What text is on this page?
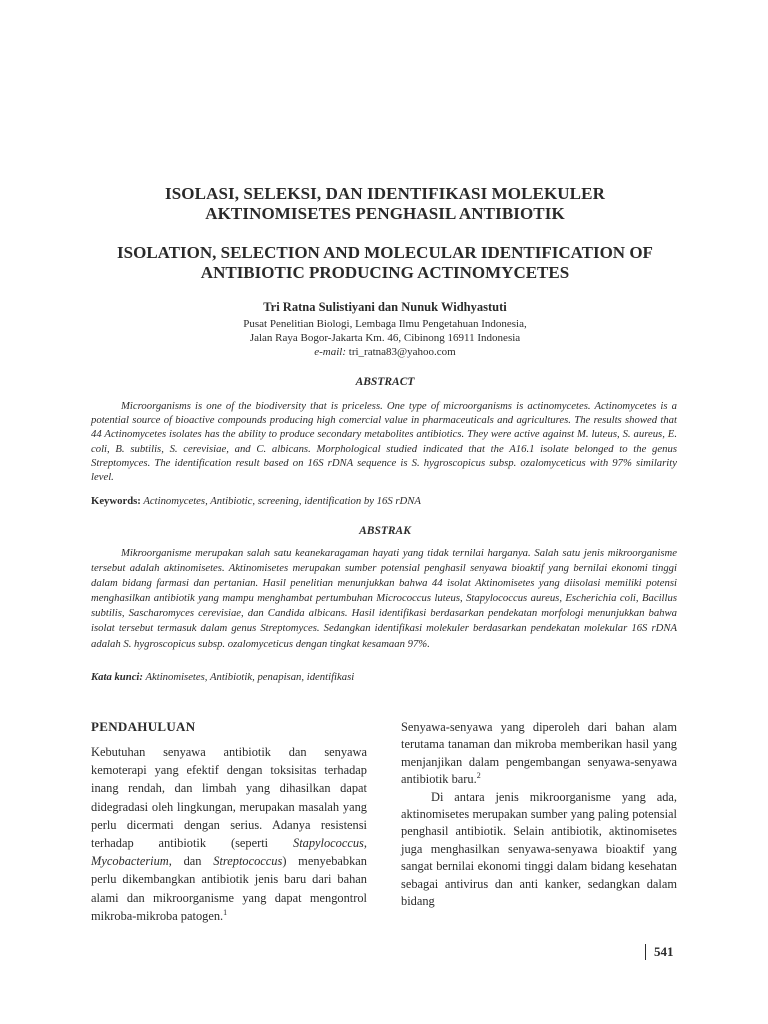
ISOLASI, SELEKSI, DAN IDENTIFIKASI MOLEKULER
AKTINOMISETES PENGHASIL ANTIBIOTIK
ISOLATION, SELECTION AND MOLECULAR IDENTIFICATION OF
ANTIBIOTIC PRODUCING ACTINOMYCETES
Tri Ratna Sulistiyani dan Nunuk Widhyastuti
Pusat Penelitian Biologi, Lembaga Ilmu Pengetahuan Indonesia,
Jalan Raya Bogor-Jakarta Km. 46, Cibinong 16911 Indonesia
e-mail: tri_ratna83@yahoo.com
ABSTRACT

Microorganisms is one of the biodiversity that is priceless. One type of microorganisms is actinomycetes. Actinomycetes is a potential source of bioactive compounds producing high comercial value in pharmaceuticals and agricultures. The results showed that 44 Actinomycetes isolates has the ability to produce secondary metabolites antibiotics. They were active against M. luteus, S. aureus, E. coli, B. subtilis, S. cerevisiae, and C. albicans. Morphological studied indicated that the A16.1 isolate belonged to the genus Streptomyces. The identification result based on 16S rDNA sequence is S. hygroscopicus subsp. ozalomyceticus with 97% similarity level.

Keywords: Actinomycetes, Antibiotic, screening, identification by 16S rDNA

ABSTRAK

Mikroorganisme merupakan salah satu keanekaragaman hayati yang tidak ternilai harganya. Salah satu jenis mikroorganisme tersebut adalah aktinomisetes. Aktinomisetes merupakan sumber potensial penghasil senyawa bioaktif yang bernilai ekonomi tinggi dalam bidang farmasi dan pertanian. Hasil penelitian menunjukkan bahwa 44 isolat Aktinomisetes yang diisolasi memiliki potensi menghasilkan antibiotik yang mampu menghambat pertumbuhan Micrococcus luteus, Stapylococcus aureus, Escherichia coli, Bacillus subtilis, Sascharomyces cerevisiae, dan Candida albicans. Hasil identifikasi berdasarkan pendekatan morfologi menunjukkan bahwa isolat tersebut termasuk dalam genus Streptomyces. Sedangkan identifikasi molekuler berdasarkan pendekatan molekular 16S rDNA adalah S. hygroscopicus subsp. ozalomyceticus dengan tingkat kesamaan 97%.

Kata kunci: Aktinomisetes, Antibiotik, penapisan, identifikasi

PENDAHULUAN

Kebutuhan senyawa antibiotik dan senyawa kemoterapi yang efektif dengan toksisitas terhadap inang rendah, dan limbah yang dihasilkan dapat didegradasi oleh lingkungan, merupakan masalah yang perlu dicermati dengan serius. Adanya resistensi terhadap antibiotik (seperti Stapylococcus, Mycobacterium, dan Streptococcus) menyebabkan perlu dikembangkan antibiotik jenis baru dari bahan alami dan mikroorganisme yang dapat mengontrol mikroba-mikroba patogen.$^1$

Senyawa-senyawa yang diperoleh dari bahan alam terutama tanaman dan mikroba memberikan hasil yang menjanjikan dalam pengembangan senyawa-senyawa antibiotik baru.$^2$

Di antara jenis mikroorganisme yang ada, aktinomisetes merupakan sumber yang paling potensial penghasil antibiotik. Selain antibiotik, aktinomisetes juga menghasilkan senyawa-senyawa bioaktif yang sangat bernilai ekonomi tinggi dalam bidang kesehatan sebagai antivirus dan anti kanker, sedangkan dalam bidang

541
